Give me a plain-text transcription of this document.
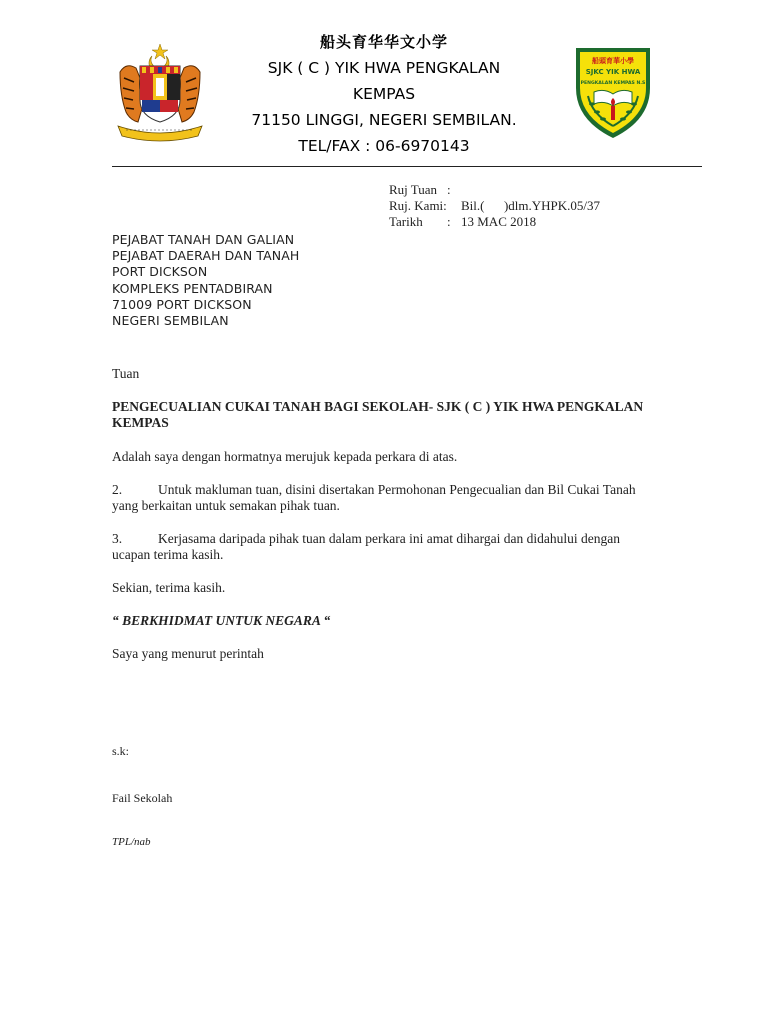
船头育华华文小学
SJK ( C ) YIK HWA PENGKALAN
KEMPAS
71150 LINGGI, NEGERI SEMBILAN.
TEL/FAX : 06-6970143
船頭育華小學
SJKC YIK HWA
PENGKALAN KEMPAS N.S
Ruj Tuan :
Ruj. Kami: Bil.(      )dlm.YHPK.05/37
Tarikh : 13 MAC 2018
PEJABAT TANAH DAN GALIAN
PEJABAT DAERAH DAN TANAH
PORT DICKSON
KOMPLEKS PENTADBIRAN
71009 PORT DICKSON
NEGERI SEMBILAN
Tuan
PENGECUALIAN CUKAI TANAH BAGI SEKOLAH- SJK ( C ) YIK HWA PENGKALAN
KEMPAS
Adalah saya dengan hormatnya merujuk kepada perkara di atas.
2.	Untuk makluman tuan, disini disertakan Permohonan Pengecualian dan Bil Cukai Tanah
yang berkaitan untuk semakan pihak tuan.
3.	Kerjasama daripada pihak tuan dalam perkara ini amat dihargai dan didahului dengan
ucapan terima kasih.
Sekian, terima kasih.
“ BERKHIDMAT UNTUK NEGARA “
Saya yang menurut perintah
s.k:
Fail Sekolah
TPL/nab
